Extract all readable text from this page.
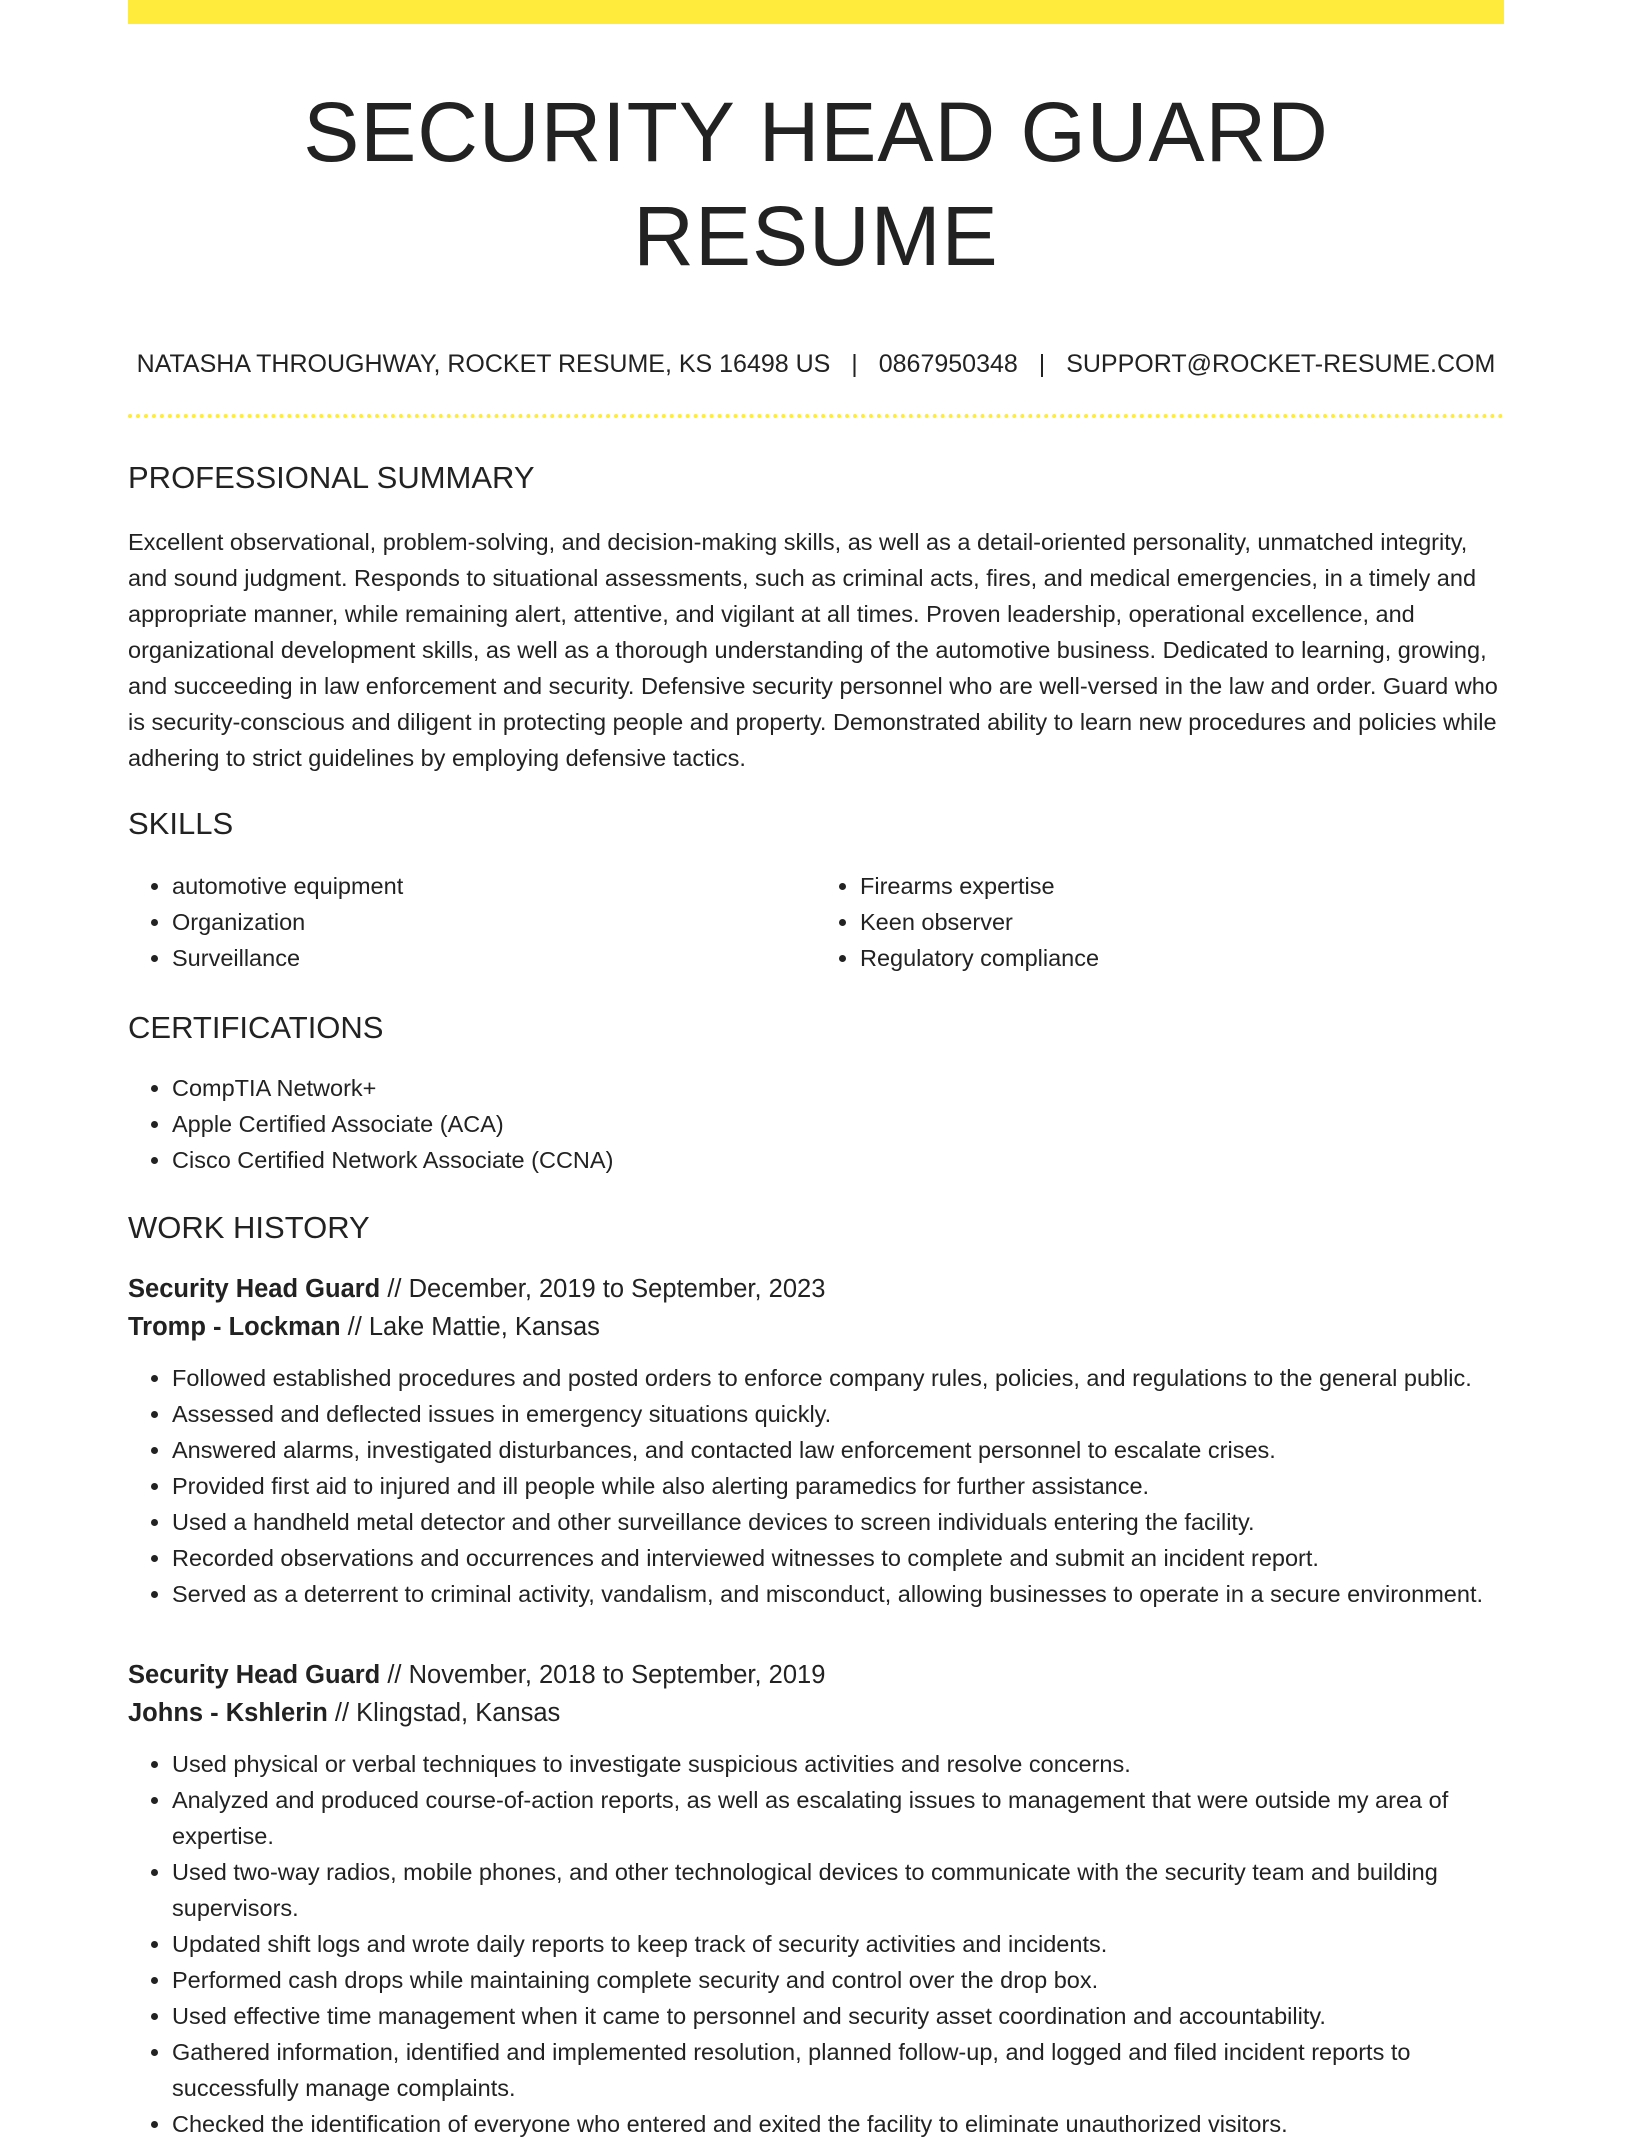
SECURITY HEAD GUARD RESUME
NATASHA THROUGHWAY, ROCKET RESUME, KS 16498 US | 0867950348 | SUPPORT@ROCKET-RESUME.COM
PROFESSIONAL SUMMARY

Excellent observational, problem-solving, and decision-making skills, as well as a detail-oriented personality, unmatched integrity, and sound judgment. Responds to situational assessments, such as criminal acts, fires, and medical emergencies, in a timely and appropriate manner, while remaining alert, attentive, and vigilant at all times. Proven leadership, operational excellence, and organizational development skills, as well as a thorough understanding of the automotive business. Dedicated to learning, growing, and succeeding in law enforcement and security. Defensive security personnel who are well-versed in the law and order. Guard who is security-conscious and diligent in protecting people and property. Demonstrated ability to learn new procedures and policies while adhering to strict guidelines by employing defensive tactics.

SKILLS
• automotive equipment
• Organization
• Surveillance
• Firearms expertise
• Keen observer
• Regulatory compliance
CERTIFICATIONS
• CompTIA Network+
• Apple Certified Associate (ACA)
• Cisco Certified Network Associate (CCNA)
WORK HISTORY
Security Head Guard // December, 2019 to September, 2023
Tromp - Lockman // Lake Mattie, Kansas
• Followed established procedures and posted orders to enforce company rules, policies, and regulations to the general public.
• Assessed and deflected issues in emergency situations quickly.
• Answered alarms, investigated disturbances, and contacted law enforcement personnel to escalate crises.
• Provided first aid to injured and ill people while also alerting paramedics for further assistance.
• Used a handheld metal detector and other surveillance devices to screen individuals entering the facility.
• Recorded observations and occurrences and interviewed witnesses to complete and submit an incident report.
• Served as a deterrent to criminal activity, vandalism, and misconduct, allowing businesses to operate in a secure environment.
Security Head Guard // November, 2018 to September, 2019
Johns - Kshlerin // Klingstad, Kansas
• Used physical or verbal techniques to investigate suspicious activities and resolve concerns.
• Analyzed and produced course-of-action reports, as well as escalating issues to management that were outside my area of expertise.
• Used two-way radios, mobile phones, and other technological devices to communicate with the security team and building supervisors.
• Updated shift logs and wrote daily reports to keep track of security activities and incidents.
• Performed cash drops while maintaining complete security and control over the drop box.
• Used effective time management when it came to personnel and security asset coordination and accountability.
• Gathered information, identified and implemented resolution, planned follow-up, and logged and filed incident reports to successfully manage complaints.
• Checked the identification of everyone who entered and exited the facility to eliminate unauthorized visitors.
